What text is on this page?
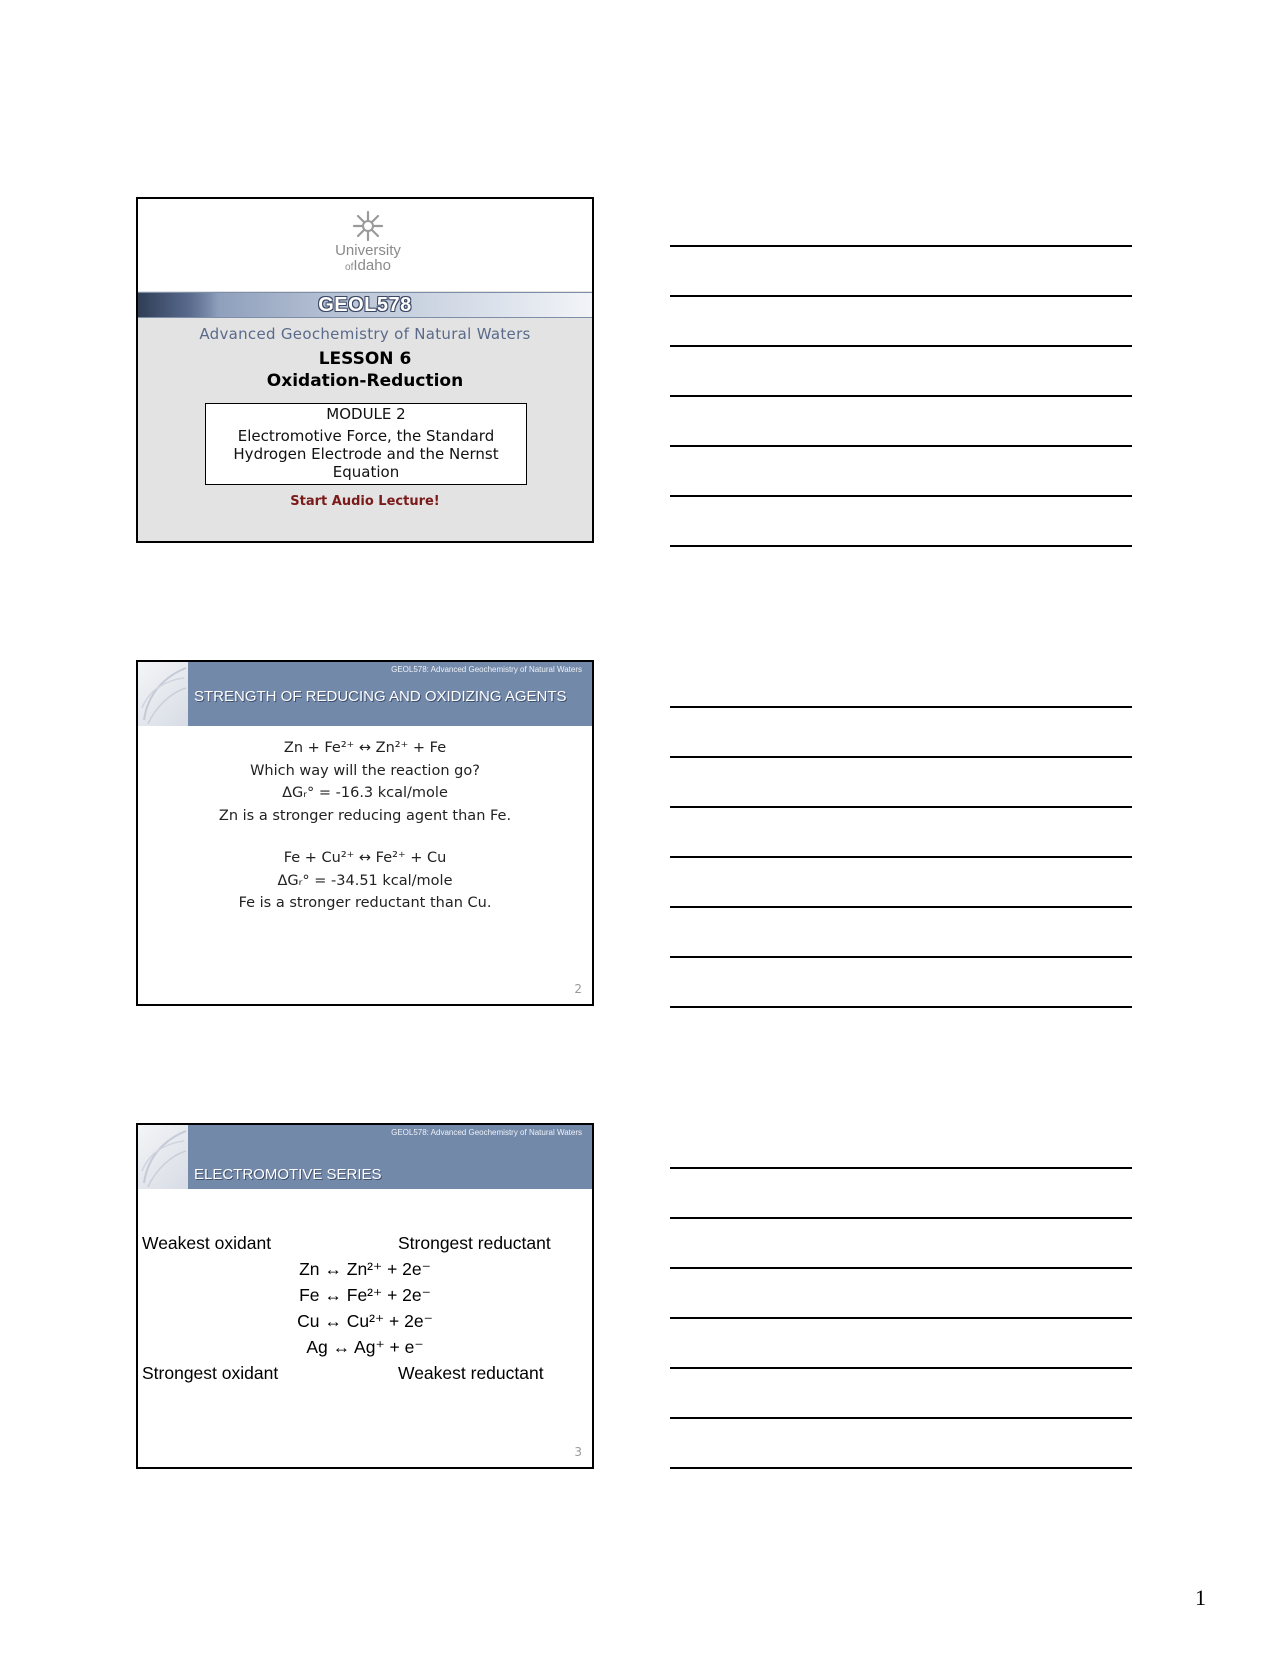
University
ofIdaho
GEOL578
Advanced Geochemistry of Natural Waters
LESSON 6
Oxidation-Reduction
MODULE 2
Electromotive Force, the Standard Hydrogen Electrode and the Nernst Equation
Start Audio Lecture!
GEOL578: Advanced Geochemistry of Natural Waters
STRENGTH OF REDUCING AND OXIDIZING AGENTS
Zn + Fe²⁺ ↔ Zn²⁺ + Fe
Which way will the reaction go?
ΔGᵣ° = -16.3 kcal/mole
Zn is a stronger reducing agent than Fe.
Fe + Cu²⁺ ↔ Fe²⁺ + Cu
ΔGᵣ° = -34.51 kcal/mole
Fe is a stronger reductant than Cu.
2
GEOL578: Advanced Geochemistry of Natural Waters
ELECTROMOTIVE SERIES
Weakest oxidant	Strongest reductant
Zn ↔ Zn²⁺ + 2e⁻
Fe ↔ Fe²⁺ + 2e⁻
Cu ↔ Cu²⁺ + 2e⁻
Ag ↔ Ag⁺ + e⁻
Strongest oxidant	Weakest reductant
3
1
